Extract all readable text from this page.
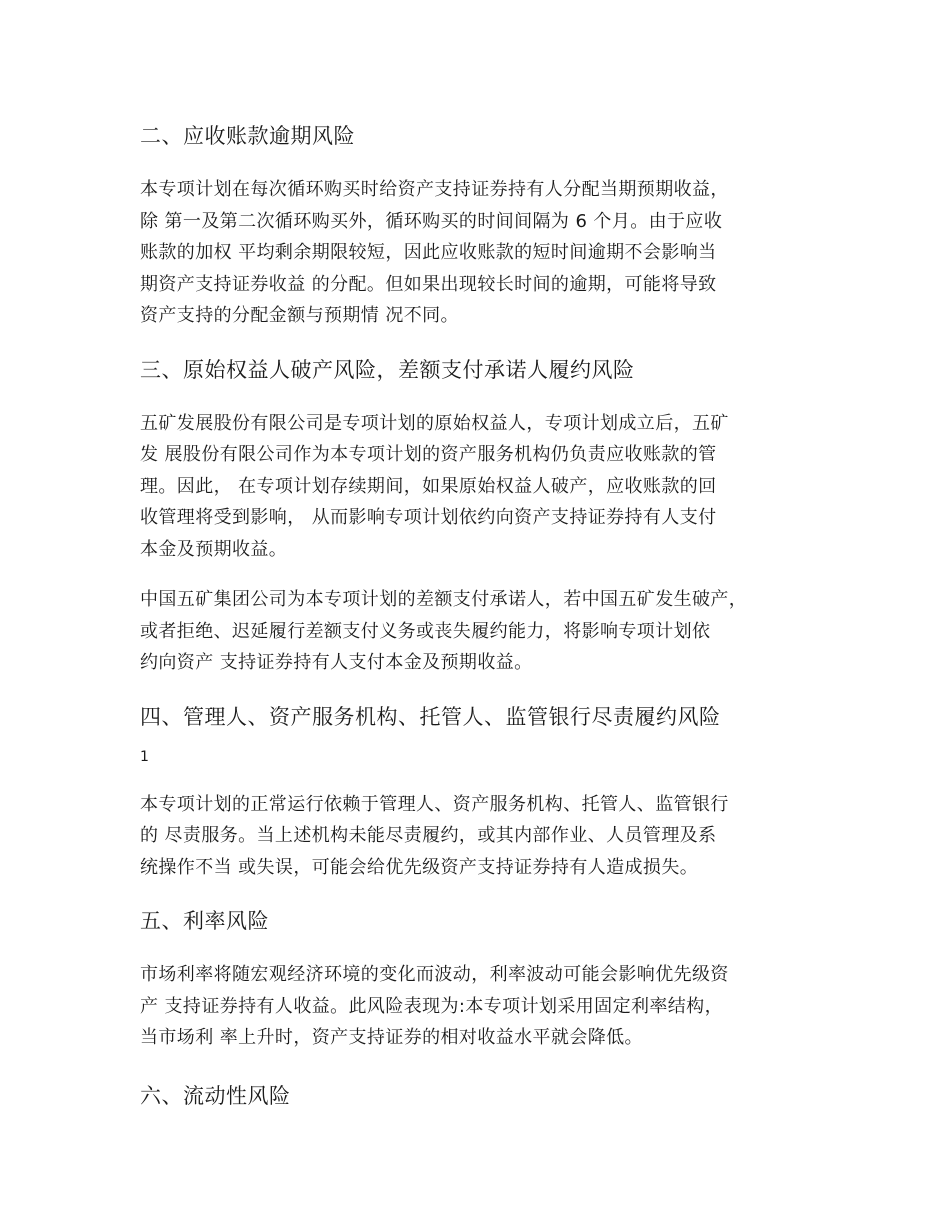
二、应收账款逾期风险

本专项计划在每次循环购买时给资产支持证券持有人分配当期预期收益，
除 第一及第二次循环购买外，循环购买的时间间隔为 6 个月。由于应收
账款的加权 平均剩余期限较短，因此应收账款的短时间逾期不会影响当
期资产支持证券收益 的分配。但如果出现较长时间的逾期，可能将导致
资产支持的分配金额与预期情 况不同。

三、原始权益人破产风险，差额支付承诺人履约风险

五矿发展股份有限公司是专项计划的原始权益人，专项计划成立后，五矿
发 展股份有限公司作为本专项计划的资产服务机构仍负责应收账款的管
理。因此， 在专项计划存续期间，如果原始权益人破产，应收账款的回
收管理将受到影响， 从而影响专项计划依约向资产支持证券持有人支付
本金及预期收益。

中国五矿集团公司为本专项计划的差额支付承诺人，若中国五矿发生破产，
或者拒绝、迟延履行差额支付义务或丧失履约能力，将影响专项计划依
约向资产 支持证券持有人支付本金及预期收益。

四、管理人、资产服务机构、托管人、监管银行尽责履约风险

1

本专项计划的正常运行依赖于管理人、资产服务机构、托管人、监管银行
的 尽责服务。当上述机构未能尽责履约，或其内部作业、人员管理及系
统操作不当 或失误，可能会给优先级资产支持证券持有人造成损失。

五、利率风险

市场利率将随宏观经济环境的变化而波动，利率波动可能会影响优先级资
产 支持证券持有人收益。此风险表现为:本专项计划采用固定利率结构，
当市场利 率上升时，资产支持证券的相对收益水平就会降低。

六、流动性风险
